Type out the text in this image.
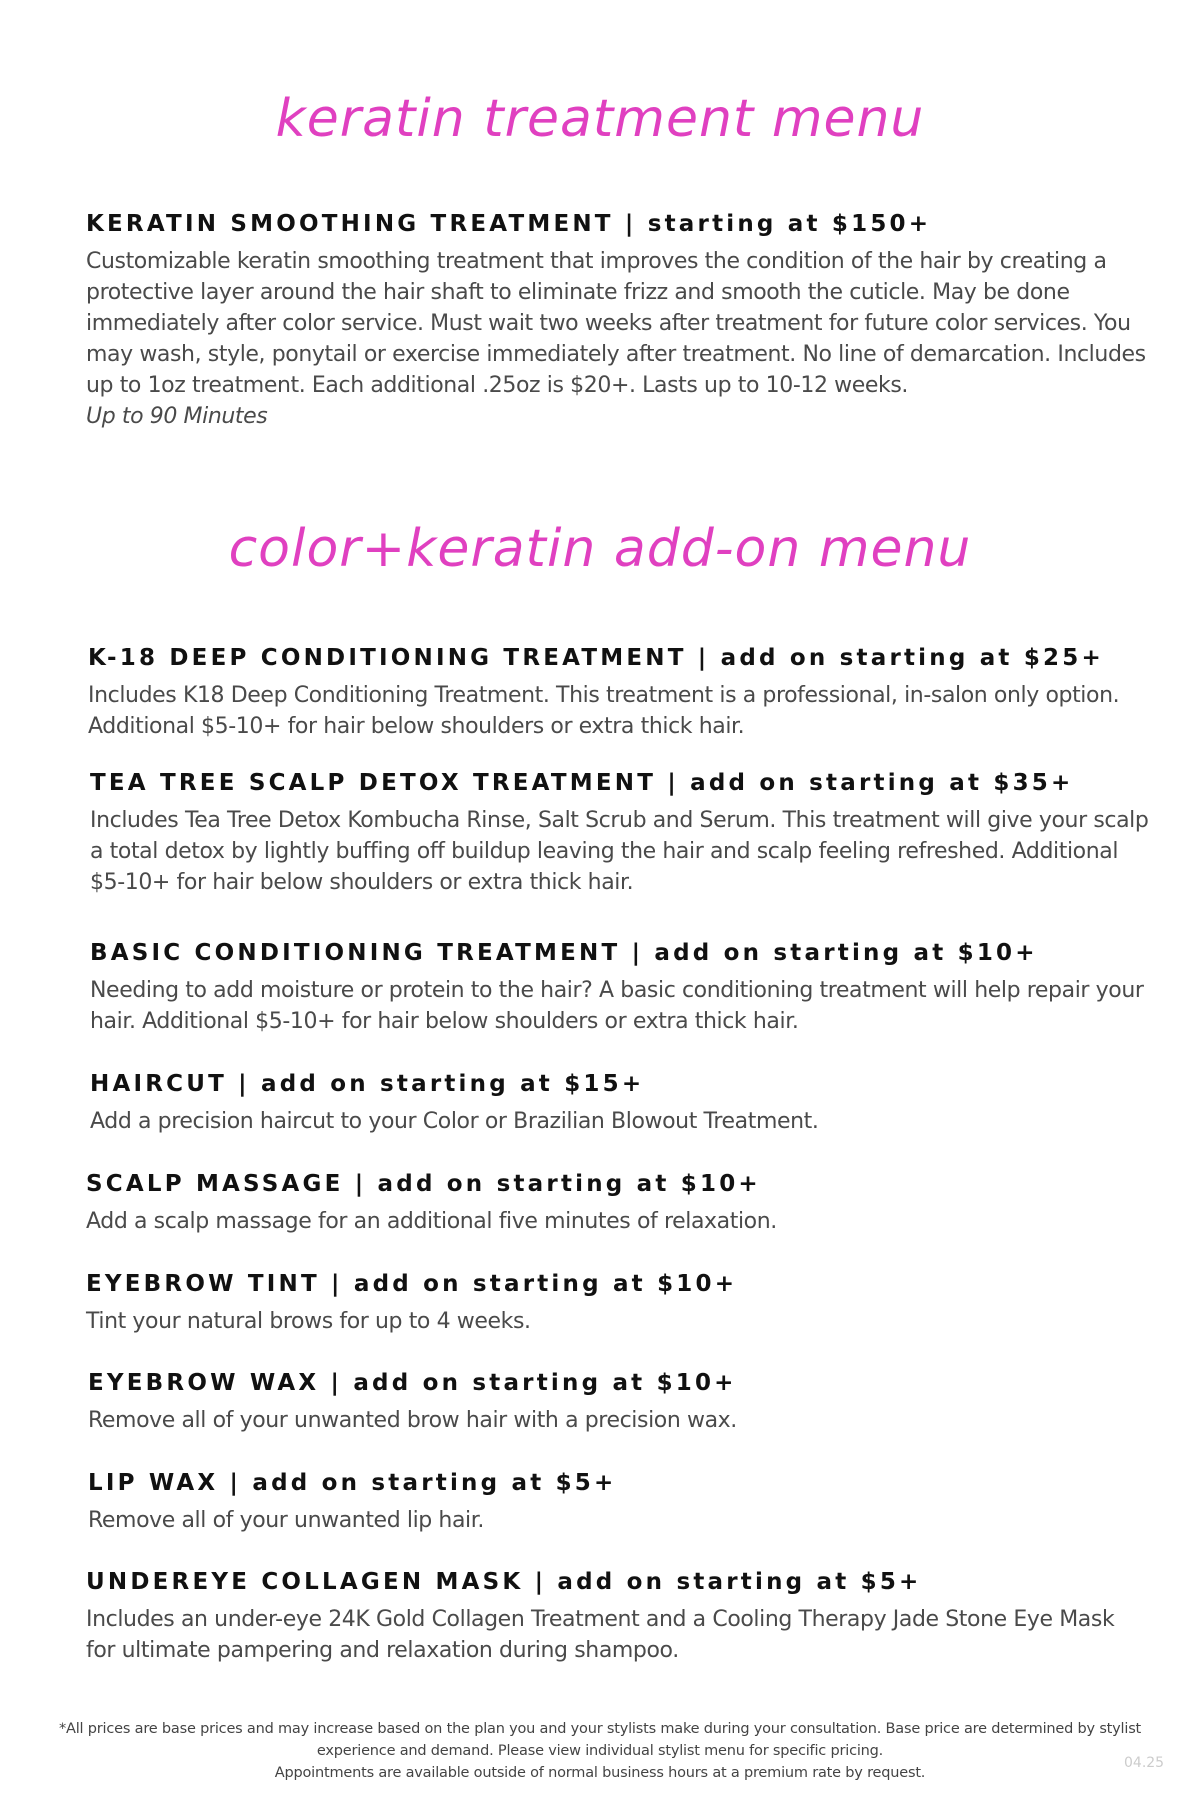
keratin treatment menu
KERATIN SMOOTHING TREATMENT | starting at $150+

Customizable keratin smoothing treatment that improves the condition of the hair by creating a protective layer around the hair shaft to eliminate frizz and smooth the cuticle. May be done immediately after color service. Must wait two weeks after treatment for future color services. You may wash, style, ponytail or exercise immediately after treatment. No line of demarcation. Includes up to 1oz treatment. Each additional .25oz is $20+. Lasts up to 10-12 weeks.

Up to 90 Minutes

color+keratin add-on menu
K-18 DEEP CONDITIONING TREATMENT | add on starting at $25+

Includes K18 Deep Conditioning Treatment. This treatment is a professional, in-salon only option. Additional $5-10+ for hair below shoulders or extra thick hair.

TEA TREE SCALP DETOX TREATMENT | add on starting at $35+

Includes Tea Tree Detox Kombucha Rinse, Salt Scrub and Serum. This treatment will give your scalp a total detox by lightly buffing off buildup leaving the hair and scalp feeling refreshed. Additional $5-10+ for hair below shoulders or extra thick hair.

BASIC CONDITIONING TREATMENT | add on starting at $10+

Needing to add moisture or protein to the hair? A basic conditioning treatment will help repair your hair. Additional $5-10+ for hair below shoulders or extra thick hair.

HAIRCUT | add on starting at $15+

Add a precision haircut to your Color or Brazilian Blowout Treatment.

SCALP MASSAGE | add on starting at $10+

Add a scalp massage for an additional five minutes of relaxation.

EYEBROW TINT | add on starting at $10+

Tint your natural brows for up to 4 weeks.

EYEBROW WAX | add on starting at $10+

Remove all of your unwanted brow hair with a precision wax.

LIP WAX | add on starting at $5+

Remove all of your unwanted lip hair.

UNDEREYE COLLAGEN MASK | add on starting at $5+

Includes an under-eye 24K Gold Collagen Treatment and a Cooling Therapy Jade Stone Eye Mask for ultimate pampering and relaxation during shampoo.

*All prices are base prices and may increase based on the plan you and your stylists make during your consultation. Base price are determined by stylist experience and demand. Please view individual stylist menu for specific pricing.

Appointments are available outside of normal business hours at a premium rate by request.

04.25
